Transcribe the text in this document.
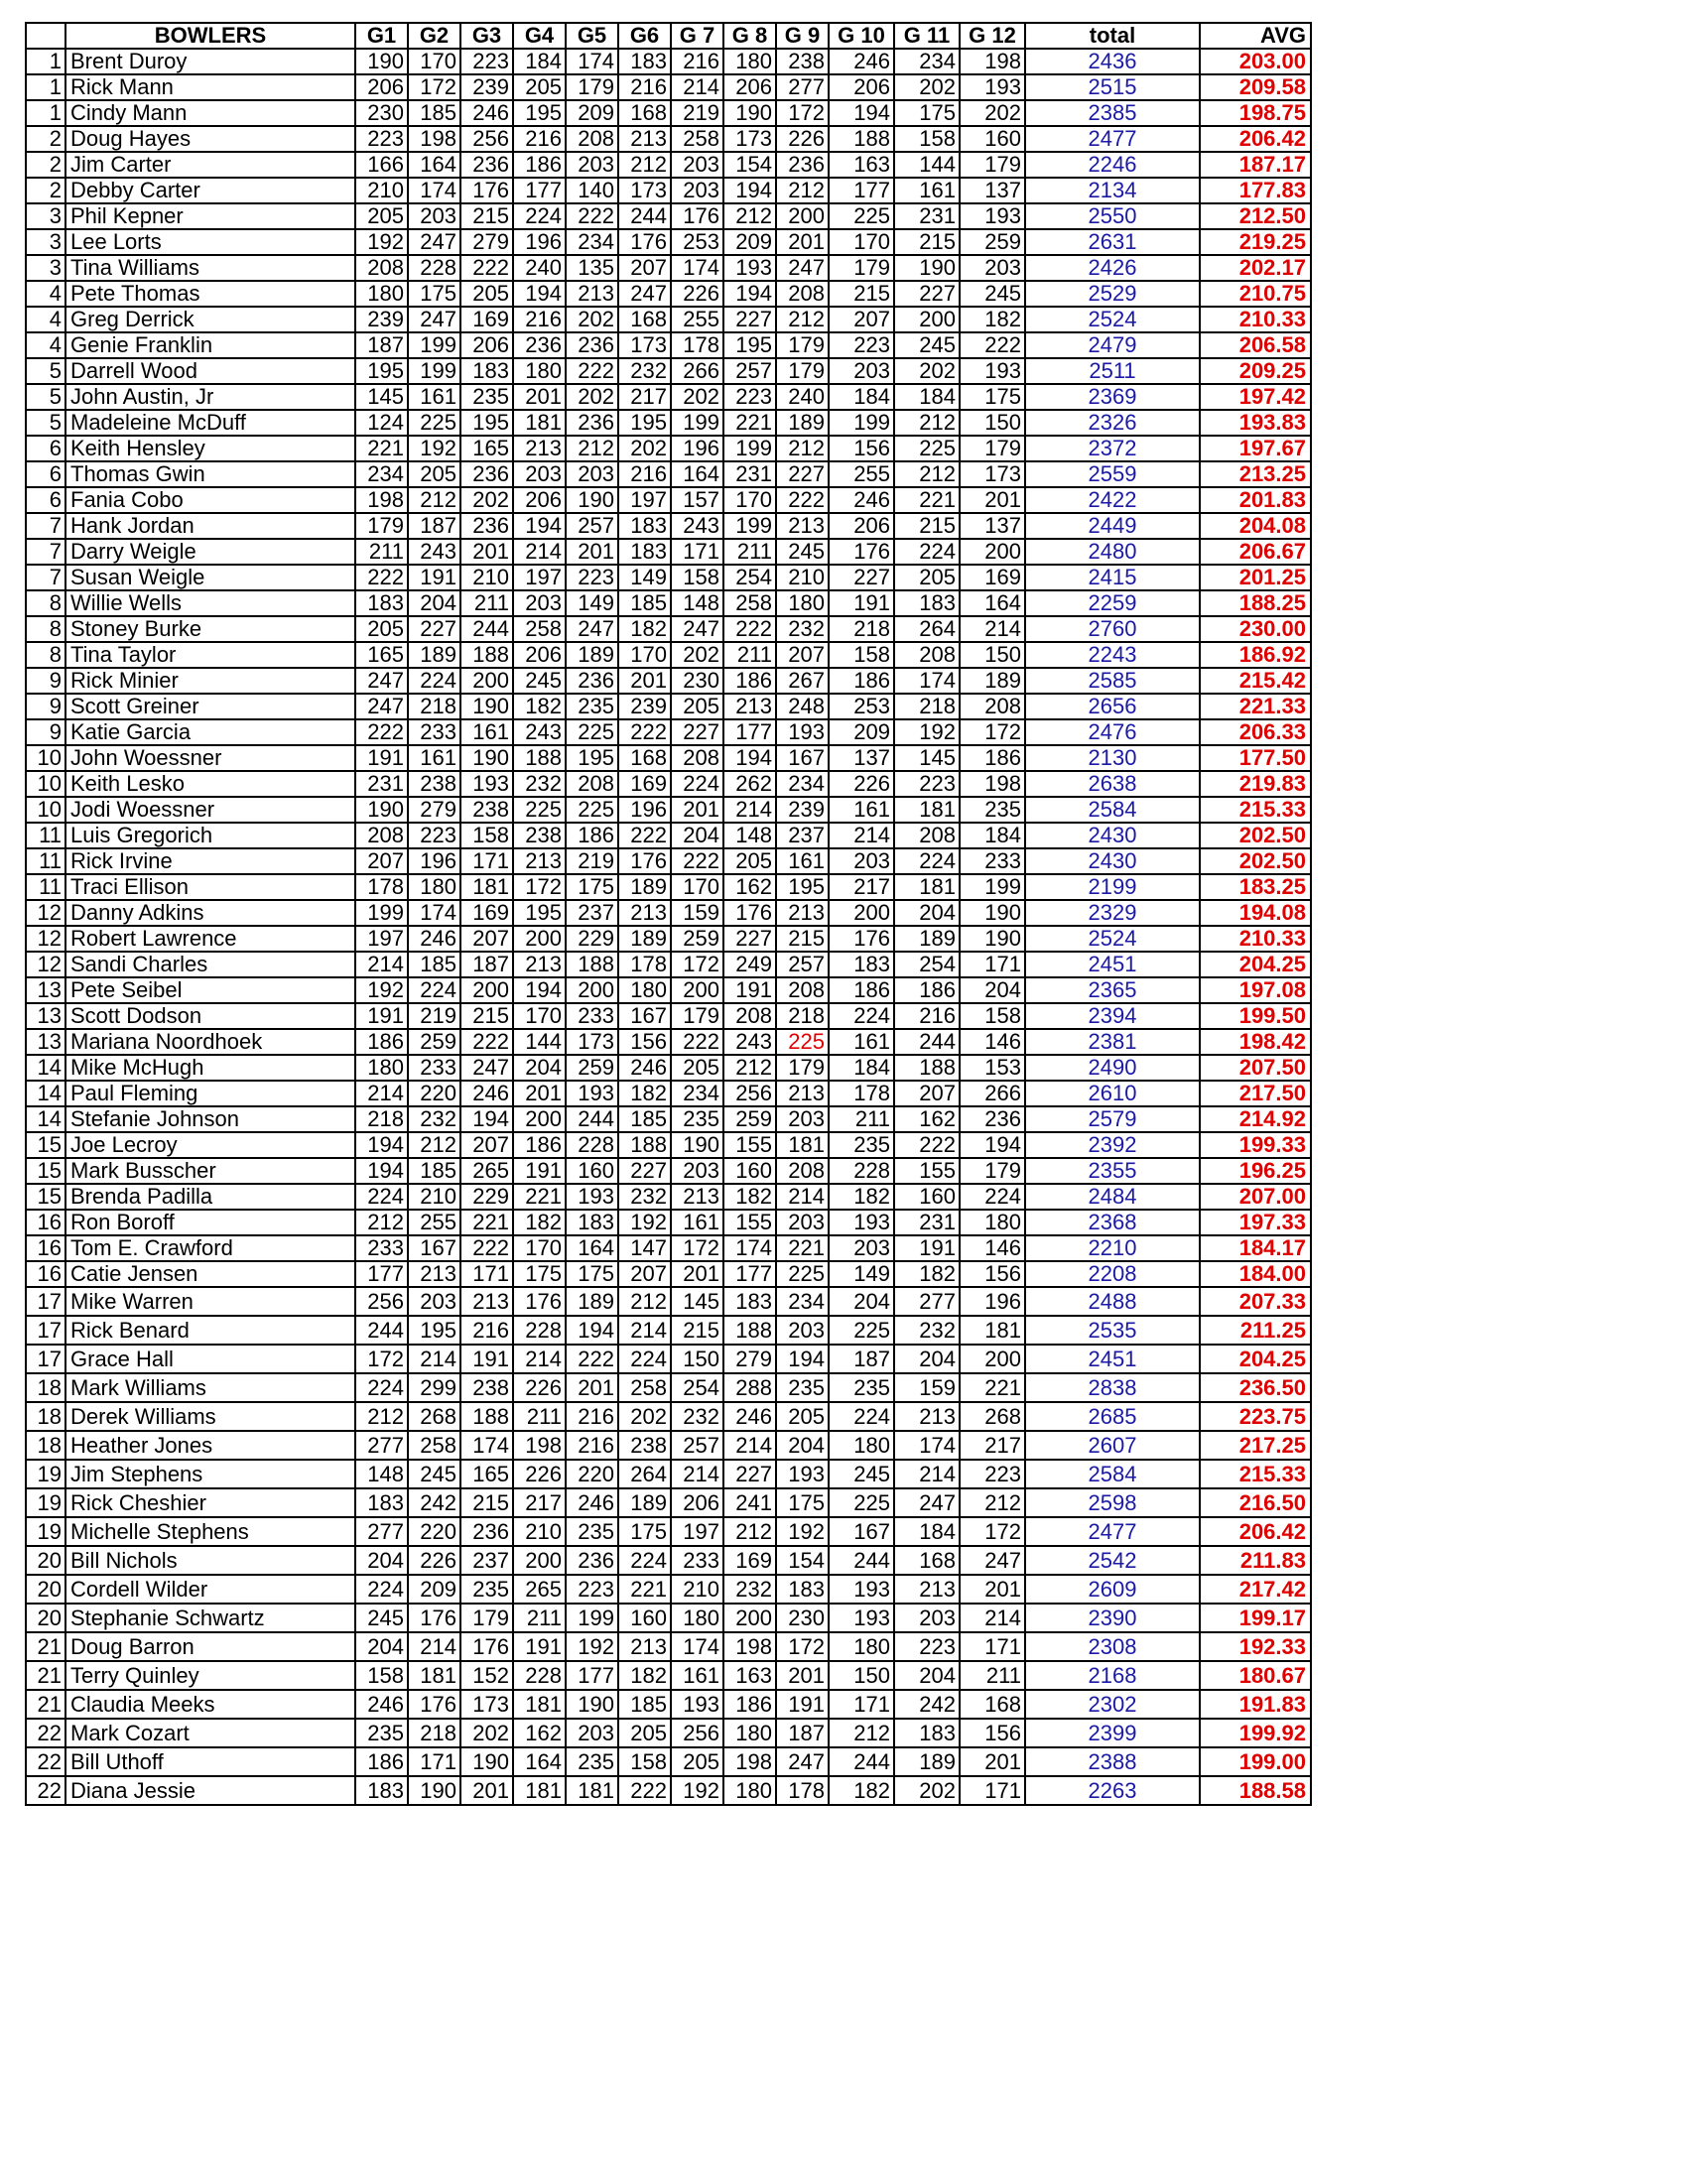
	BOWLERS	G1	G2	G3	G4	G5	G6	G 7	G 8	G 9	G 10	G 11	G 12	total	AVG
1	Brent Duroy	190	170	223	184	174	183	216	180	238	246	234	198	2436	203.00
1	Rick Mann	206	172	239	205	179	216	214	206	277	206	202	193	2515	209.58
1	Cindy Mann	230	185	246	195	209	168	219	190	172	194	175	202	2385	198.75
2	Doug Hayes	223	198	256	216	208	213	258	173	226	188	158	160	2477	206.42
2	Jim Carter	166	164	236	186	203	212	203	154	236	163	144	179	2246	187.17
2	Debby Carter	210	174	176	177	140	173	203	194	212	177	161	137	2134	177.83
3	Phil Kepner	205	203	215	224	222	244	176	212	200	225	231	193	2550	212.50
3	Lee Lorts	192	247	279	196	234	176	253	209	201	170	215	259	2631	219.25
3	Tina Williams	208	228	222	240	135	207	174	193	247	179	190	203	2426	202.17
4	Pete Thomas	180	175	205	194	213	247	226	194	208	215	227	245	2529	210.75
4	Greg Derrick	239	247	169	216	202	168	255	227	212	207	200	182	2524	210.33
4	Genie Franklin	187	199	206	236	236	173	178	195	179	223	245	222	2479	206.58
5	Darrell Wood	195	199	183	180	222	232	266	257	179	203	202	193	2511	209.25
5	John Austin, Jr	145	161	235	201	202	217	202	223	240	184	184	175	2369	197.42
5	Madeleine McDuff	124	225	195	181	236	195	199	221	189	199	212	150	2326	193.83
6	Keith Hensley	221	192	165	213	212	202	196	199	212	156	225	179	2372	197.67
6	Thomas Gwin	234	205	236	203	203	216	164	231	227	255	212	173	2559	213.25
6	Fania Cobo	198	212	202	206	190	197	157	170	222	246	221	201	2422	201.83
7	Hank Jordan	179	187	236	194	257	183	243	199	213	206	215	137	2449	204.08
7	Darry Weigle	211	243	201	214	201	183	171	211	245	176	224	200	2480	206.67
7	Susan Weigle	222	191	210	197	223	149	158	254	210	227	205	169	2415	201.25
8	Willie Wells	183	204	211	203	149	185	148	258	180	191	183	164	2259	188.25
8	Stoney Burke	205	227	244	258	247	182	247	222	232	218	264	214	2760	230.00
8	Tina Taylor	165	189	188	206	189	170	202	211	207	158	208	150	2243	186.92
9	Rick Minier	247	224	200	245	236	201	230	186	267	186	174	189	2585	215.42
9	Scott Greiner	247	218	190	182	235	239	205	213	248	253	218	208	2656	221.33
9	Katie Garcia	222	233	161	243	225	222	227	177	193	209	192	172	2476	206.33
10	John Woessner	191	161	190	188	195	168	208	194	167	137	145	186	2130	177.50
10	Keith Lesko	231	238	193	232	208	169	224	262	234	226	223	198	2638	219.83
10	Jodi Woessner	190	279	238	225	225	196	201	214	239	161	181	235	2584	215.33
11	Luis Gregorich	208	223	158	238	186	222	204	148	237	214	208	184	2430	202.50
11	Rick Irvine	207	196	171	213	219	176	222	205	161	203	224	233	2430	202.50
11	Traci Ellison	178	180	181	172	175	189	170	162	195	217	181	199	2199	183.25
12	Danny Adkins	199	174	169	195	237	213	159	176	213	200	204	190	2329	194.08
12	Robert Lawrence	197	246	207	200	229	189	259	227	215	176	189	190	2524	210.33
12	Sandi Charles	214	185	187	213	188	178	172	249	257	183	254	171	2451	204.25
13	Pete Seibel	192	224	200	194	200	180	200	191	208	186	186	204	2365	197.08
13	Scott Dodson	191	219	215	170	233	167	179	208	218	224	216	158	2394	199.50
13	Mariana Noordhoek	186	259	222	144	173	156	222	243	225	161	244	146	2381	198.42
14	Mike McHugh	180	233	247	204	259	246	205	212	179	184	188	153	2490	207.50
14	Paul Fleming	214	220	246	201	193	182	234	256	213	178	207	266	2610	217.50
14	Stefanie Johnson	218	232	194	200	244	185	235	259	203	211	162	236	2579	214.92
15	Joe Lecroy	194	212	207	186	228	188	190	155	181	235	222	194	2392	199.33
15	Mark Busscher	194	185	265	191	160	227	203	160	208	228	155	179	2355	196.25
15	Brenda Padilla	224	210	229	221	193	232	213	182	214	182	160	224	2484	207.00
16	Ron Boroff	212	255	221	182	183	192	161	155	203	193	231	180	2368	197.33
16	Tom E. Crawford	233	167	222	170	164	147	172	174	221	203	191	146	2210	184.17
16	Catie Jensen	177	213	171	175	175	207	201	177	225	149	182	156	2208	184.00
17	Mike Warren	256	203	213	176	189	212	145	183	234	204	277	196	2488	207.33
17	Rick Benard	244	195	216	228	194	214	215	188	203	225	232	181	2535	211.25
17	Grace Hall	172	214	191	214	222	224	150	279	194	187	204	200	2451	204.25
18	Mark Williams	224	299	238	226	201	258	254	288	235	235	159	221	2838	236.50
18	Derek Williams	212	268	188	211	216	202	232	246	205	224	213	268	2685	223.75
18	Heather Jones	277	258	174	198	216	238	257	214	204	180	174	217	2607	217.25
19	Jim Stephens	148	245	165	226	220	264	214	227	193	245	214	223	2584	215.33
19	Rick Cheshier	183	242	215	217	246	189	206	241	175	225	247	212	2598	216.50
19	Michelle Stephens	277	220	236	210	235	175	197	212	192	167	184	172	2477	206.42
20	Bill Nichols	204	226	237	200	236	224	233	169	154	244	168	247	2542	211.83
20	Cordell Wilder	224	209	235	265	223	221	210	232	183	193	213	201	2609	217.42
20	Stephanie Schwartz	245	176	179	211	199	160	180	200	230	193	203	214	2390	199.17
21	Doug Barron	204	214	176	191	192	213	174	198	172	180	223	171	2308	192.33
21	Terry Quinley	158	181	152	228	177	182	161	163	201	150	204	211	2168	180.67
21	Claudia Meeks	246	176	173	181	190	185	193	186	191	171	242	168	2302	191.83
22	Mark Cozart	235	218	202	162	203	205	256	180	187	212	183	156	2399	199.92
22	Bill Uthoff	186	171	190	164	235	158	205	198	247	244	189	201	2388	199.00
22	Diana Jessie	183	190	201	181	181	222	192	180	178	182	202	171	2263	188.58
